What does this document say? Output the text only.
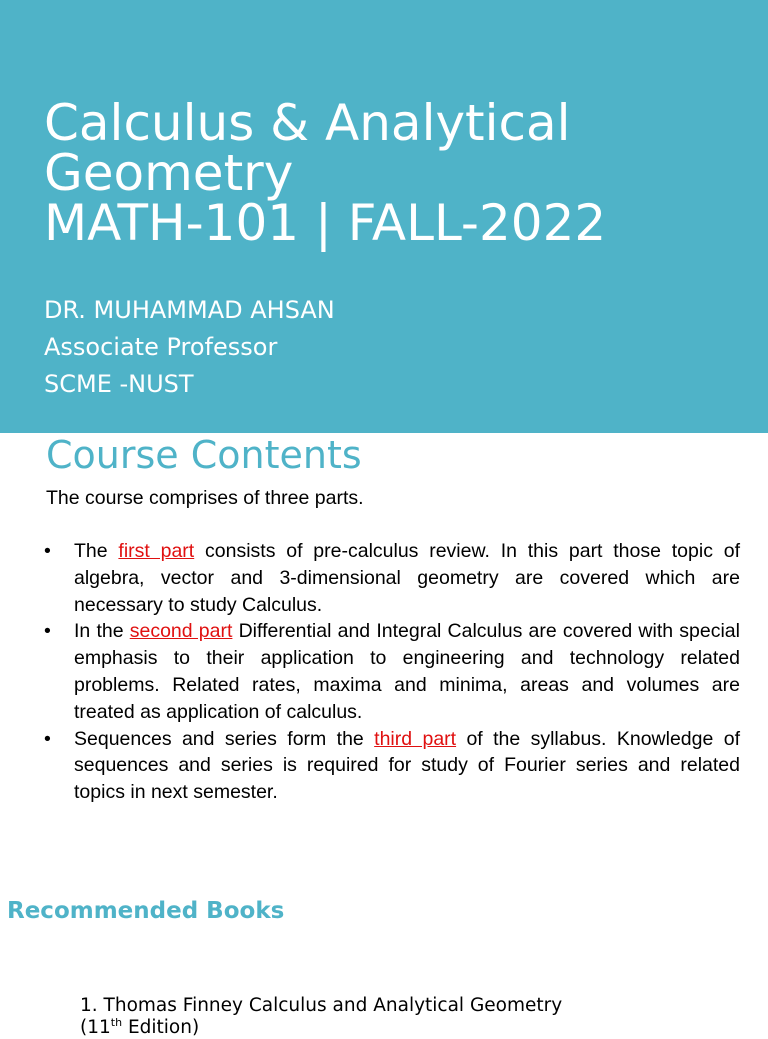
Calculus & Analytical
Geometry
MATH-101 | FALL-2022
DR. MUHAMMAD AHSAN
Associate Professor
SCME -NUST
Course Contents

The course comprises of three parts.

• The first part consists of pre-calculus review. In this part those topic of algebra, vector and 3-dimensional geometry are covered which are necessary to study Calculus.
• In the second part Differential and Integral Calculus are covered with special emphasis to their application to engineering and technology related problems. Related rates, maxima and minima, areas and volumes are treated as application of calculus.
• Sequences and series form the third part of the syllabus. Knowledge of sequences and series is required for study of Fourier series and related topics in next semester.
Recommended Books
1. Thomas Finney Calculus and Analytical Geometry
(11th Edition)
